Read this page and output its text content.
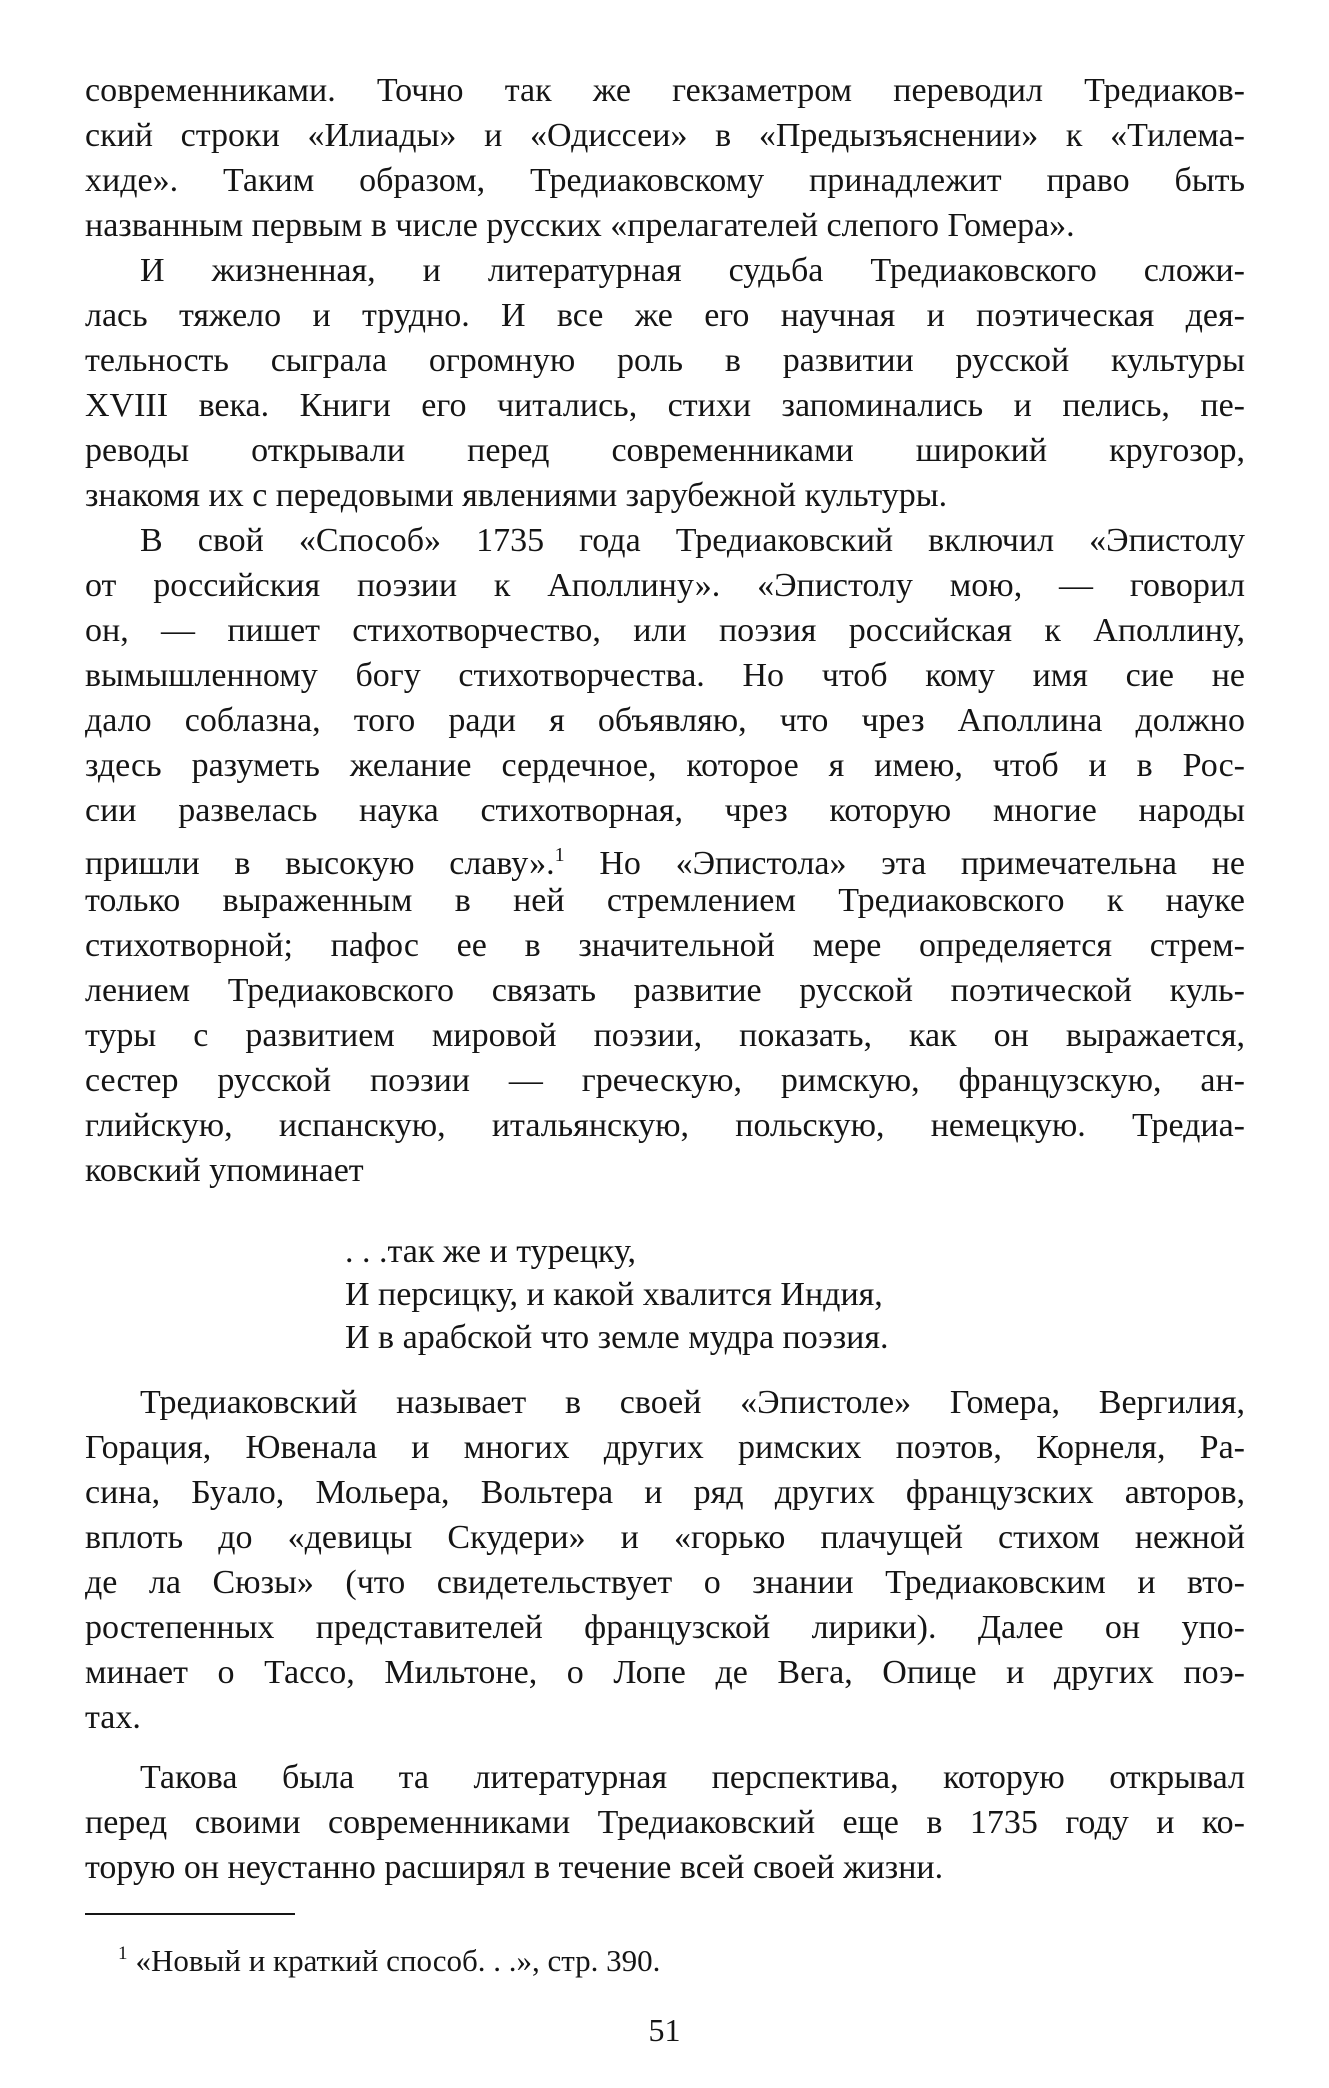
современниками. Точно так же гекзаметром переводил Тредиаков-
ский строки «Илиады» и «Одиссеи» в «Предызъяснении» к «Тилема-
хиде». Таким образом, Тредиаковскому принадлежит право быть
названным первым в числе русских «прелагателей слепого Гомера».
И жизненная, и литературная судьба Тредиаковского сложи-
лась тяжело и трудно. И все же его научная и поэтическая дея-
тельность сыграла огромную роль в развитии русской культуры
XVIII века. Книги его читались, стихи запоминались и пелись, пе-
реводы открывали перед современниками широкий кругозор,
знакомя их с передовыми явлениями зарубежной культуры.
В свой «Способ» 1735 года Тредиаковский включил «Эпистолу
от российския поэзии к Аполлину». «Эпистолу мою, — говорил
он, — пишет стихотворчество, или поэзия российская к Аполлину,
вымышленному богу стихотворчества. Но чтоб кому имя сие не
дало соблазна, того ради я объявляю, что чрез Аполлина должно
здесь разуметь желание сердечное, которое я имею, чтоб и в Рос-
сии развелась наука стихотворная, чрез которую многие народы
пришли в высокую славу».$^1$ Но «Эпистола» эта примечательна не
только выраженным в ней стремлением Тредиаковского к науке
стихотворной; пафос ее в значительной мере определяется стрем-
лением Тредиаковского связать развитие русской поэтической куль-
туры с развитием мировой поэзии, показать, как он выражается,
сестер русской поэзии — греческую, римскую, французскую, ан-
глийскую, испанскую, итальянскую, польскую, немецкую. Тредиа-
ковский упоминает
. . .так же и турецку,
И персицку, и какой хвалится Индия,
И в арабской что земле мудра поэзия.
Тредиаковский называет в своей «Эпистоле» Гомера, Вергилия,
Горация, Ювенала и многих других римских поэтов, Корнеля, Ра-
сина, Буало, Мольера, Вольтера и ряд других французских авторов,
вплоть до «девицы Скудери» и «горько плачущей стихом нежной
де ла Сюзы» (что свидетельствует о знании Тредиаковским и вто-
ростепенных представителей французской лирики). Далее он упо-
минает о Тассо, Мильтоне, о Лопе де Вега, Опице и других поэ-
тах.
Такова была та литературная перспектива, которую открывал
перед своими современниками Тредиаковский еще в 1735 году и ко-
торую он неустанно расширял в течение всей своей жизни.
$^1$ «Новый и краткий способ. . .», стр. 390.
51
